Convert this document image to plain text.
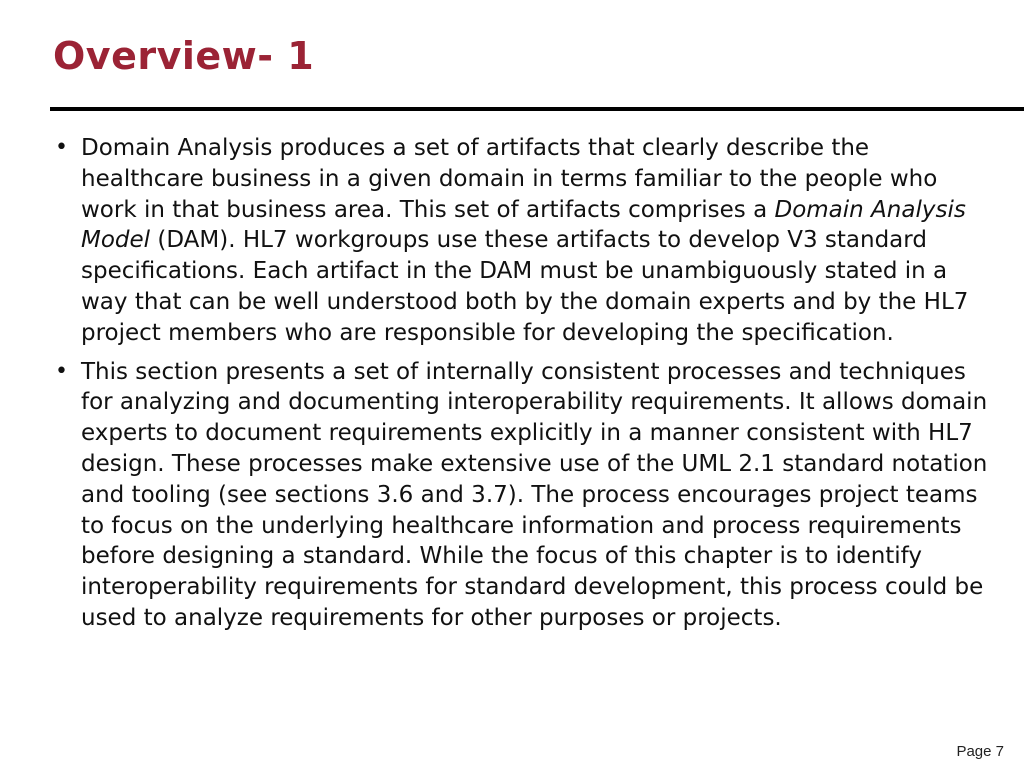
Overview- 1
• Domain Analysis produces a set of artifacts that clearly describe the healthcare business in a given domain in terms familiar to the people who work in that business area. This set of artifacts comprises a Domain Analysis Model (DAM). HL7 workgroups use these artifacts to develop V3 standard specifications. Each artifact in the DAM must be unambiguously stated in a way that can be well understood both by the domain experts and by the HL7 project members who are responsible for developing the specification.
• This section presents a set of internally consistent processes and techniques for analyzing and documenting interoperability requirements. It allows domain experts to document requirements explicitly in a manner consistent with HL7 design. These processes make extensive use of the UML 2.1 standard notation and tooling (see sections 3.6 and 3.7). The process encourages project teams to focus on the underlying healthcare information and process requirements before designing a standard. While the focus of this chapter is to identify interoperability requirements for standard development, this process could be used to analyze requirements for other purposes or projects.
Page 7
